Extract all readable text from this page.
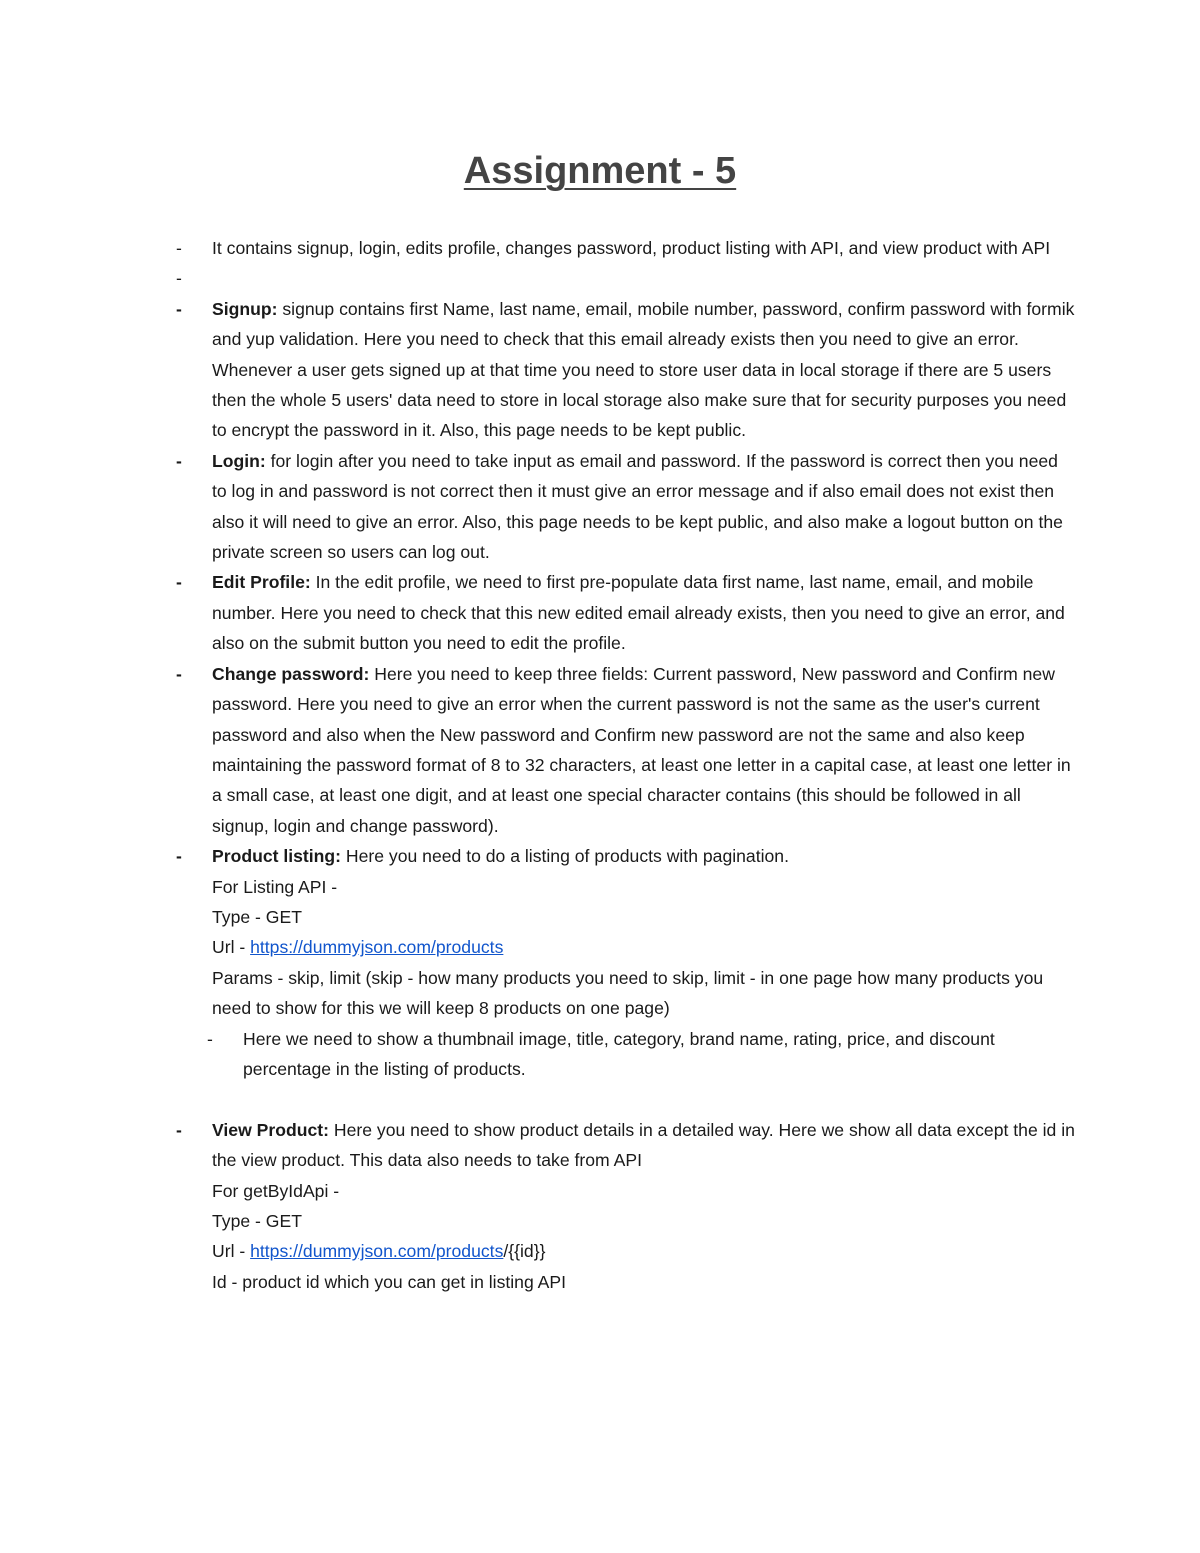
Assignment - 5
- It contains signup, login, edits profile, changes password, product listing with API, and view product with API
-

- Signup: signup contains first Name, last name, email, mobile number, password, confirm password with formik and yup validation. Here you need to check that this email already exists then you need to give an error. Whenever a user gets signed up at that time you need to store user data in local storage if there are 5 users then the whole 5 users' data need to store in local storage also make sure that for security purposes you need to encrypt the password in it. Also, this page needs to be kept public.
- Login: for login after you need to take input as email and password. If the password is correct then you need to log in and password is not correct then it must give an error message and if also email does not exist then also it will need to give an error. Also, this page needs to be kept public, and also make a logout button on the private screen so users can log out.
- Edit Profile: In the edit profile, we need to first pre-populate data first name, last name, email, and mobile number. Here you need to check that this new edited email already exists, then you need to give an error, and also on the submit button you need to edit the profile.
- Change password: Here you need to keep three fields: Current password, New password and Confirm new password. Here you need to give an error when the current password is not the same as the user's current password and also when the New password and Confirm new password are not the same and also keep maintaining the password format of 8 to 32 characters, at least one letter in a capital case, at least one letter in a small case, at least one digit, and at least one special character contains (this should be followed in all signup, login and change password).
- Product listing: Here you need to do a listing of products with pagination.
For Listing API -
Type - GET
Url - https://dummyjson.com/products
Params - skip, limit (skip - how many products you need to skip, limit - in one page how many products you need to show for this we will keep 8 products on one page)
- Here we need to show a thumbnail image, title, category, brand name, rating, price, and discount percentage in the listing of products.
- View Product: Here you need to show product details in a detailed way. Here we show all data except the id in the view product. This data also needs to take from API
For getByIdApi -
Type - GET
Url - https://dummyjson.com/products/{{id}}
Id - product id which you can get in listing API
